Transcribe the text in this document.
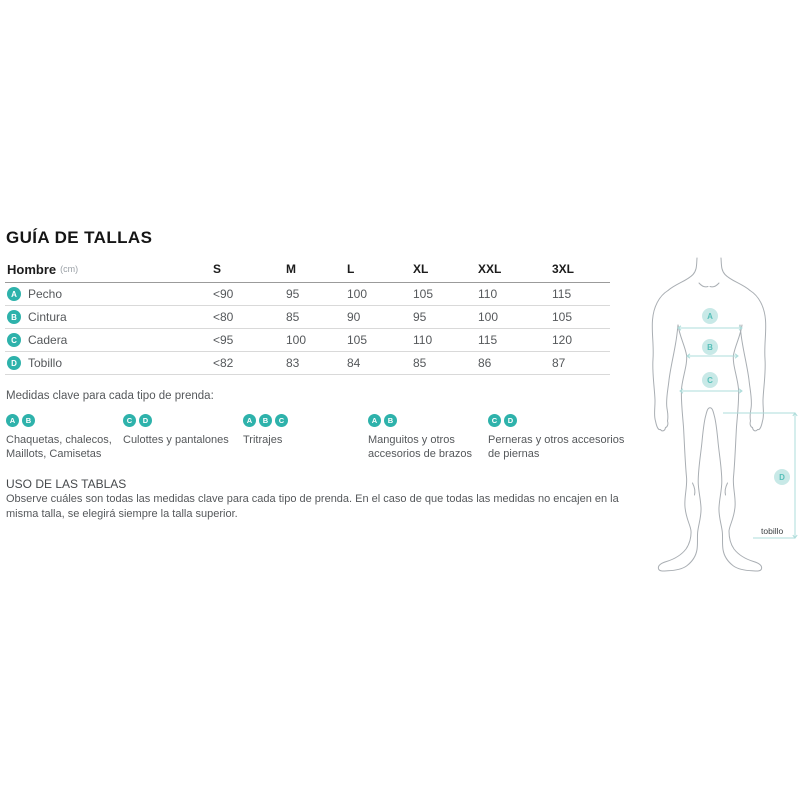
GUÍA DE TALLAS
Hombre (cm)	S	M	L	XL	XXL	3XL
A Pecho	<90	95	100	105	110	115
B Cintura	<80	85	90	95	100	105
C Cadera	<95	100	105	110	115	120
D Tobillo	<82	83	84	85	86	87
Medidas clave para cada tipo de prenda:
A	B
Chaquetas, chalecos, Maillots, Camisetas
C	D
Culottes y pantalones
A	B	C
Tritrajes
A	B
Manguitos y otros accesorios de brazos
C	D
Perneras y otros accesorios de piernas
USO DE LAS TABLAS
Observe cuáles son todas las medidas clave para cada tipo de prenda. En el caso de que todas las medidas no encajen en la misma talla, se elegirá siempre la talla superior.
A
B
C
D
tobillo
